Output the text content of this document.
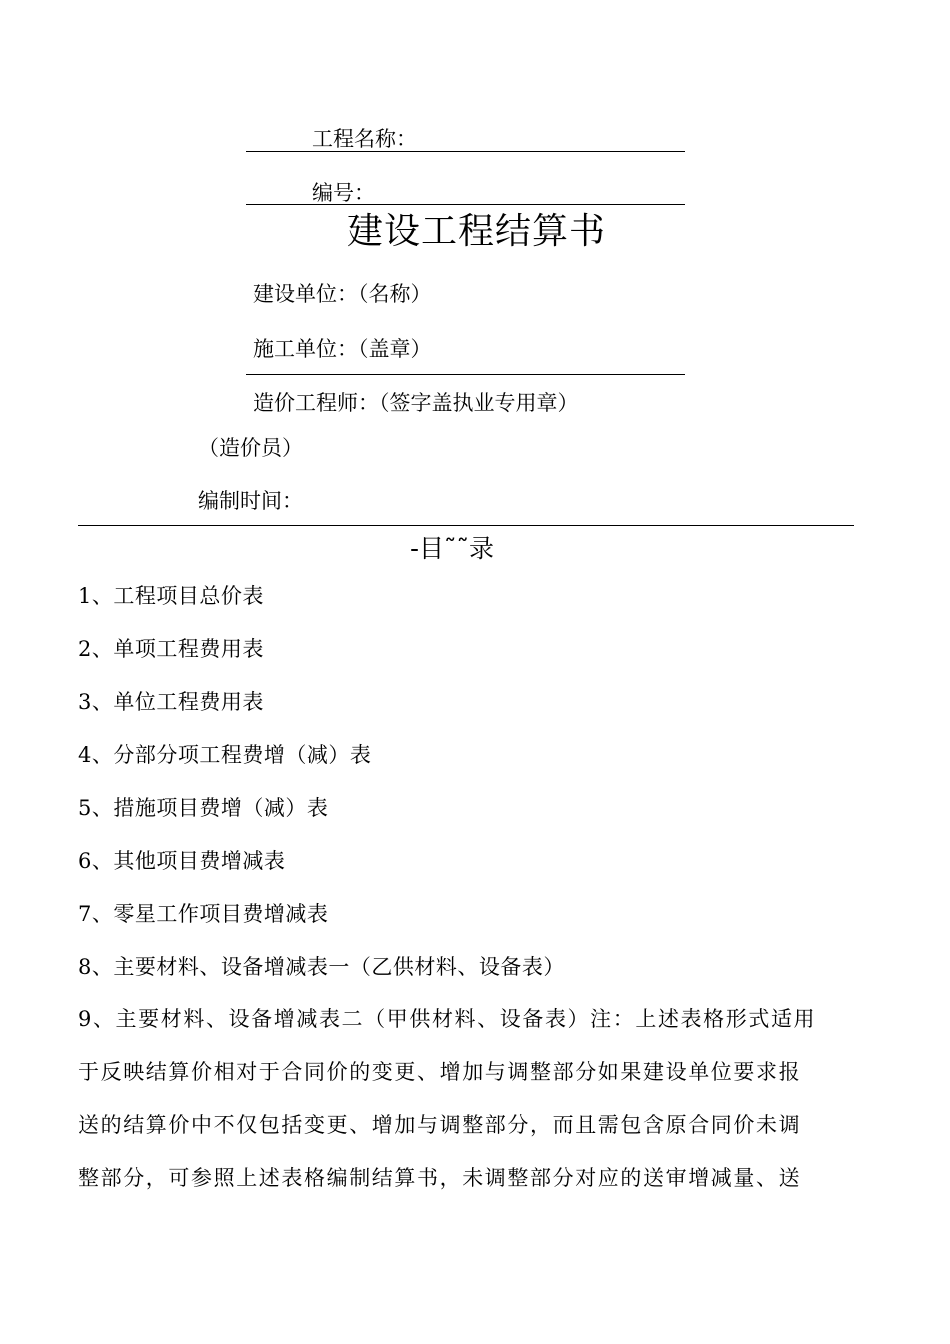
工程名称：
编号：
建设工程结算书
建设单位：（名称）
施工单位：（盖章）
造价工程师：（签字盖执业专用章）
（造价员）
编制时间：
-目˜˜录
1、工程项目总价表
2、单项工程费用表
3、单位工程费用表
4、分部分项工程费增（减）表
5、措施项目费增（减）表
6、其他项目费增减表
7、零星工作项目费增减表
8、主要材料、设备增减表一（乙供材料、设备表）
9、主要材料、设备增减表二（甲供材料、设备表）注：上述表格形式适用
于反映结算价相对于合同价的变更、增加与调整部分如果建设单位要求报
送的结算价中不仅包括变更、增加与调整部分，而且需包含原合同价未调
整部分，可参照上述表格编制结算书，未调整部分对应的送审增减量、送
